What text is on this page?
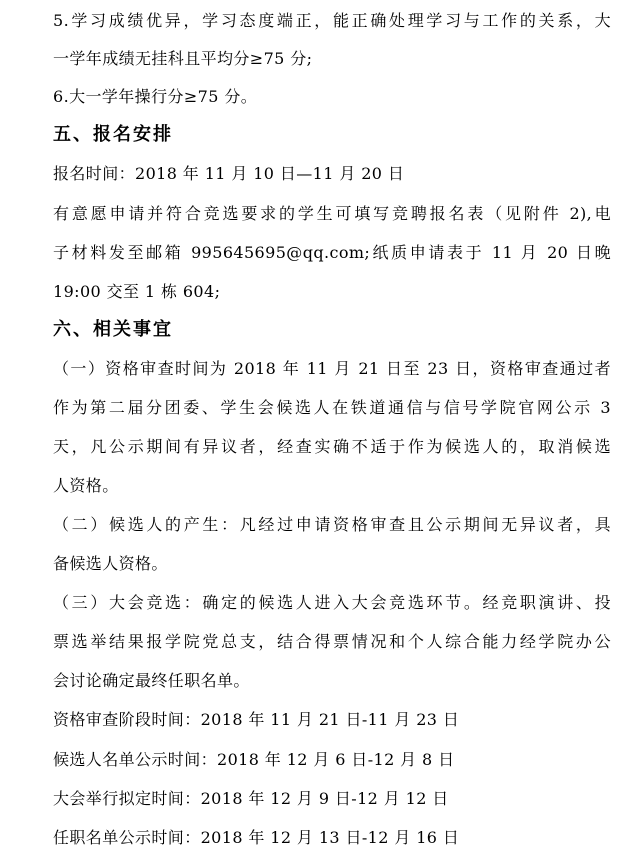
5.学习成绩优异，学习态度端正，能正确处理学习与工作的关系，大
一学年成绩无挂科且平均分≥75 分;
6.大一学年操行分≥75 分。
五、报名安排
报名时间：2018 年 11 月 10 日—11 月 20 日
有意愿申请并符合竞选要求的学生可填写竞聘报名表（见附件 2),电
子材料发至邮箱 995645695@qq.com;纸质申请表于 11 月 20 日晚
19:00 交至 1 栋 604;
六、相关事宜
（一）资格审查时间为 2018 年 11 月 21 日至 23 日，资格审查通过者
作为第二届分团委、学生会候选人在铁道通信与信号学院官网公示 3
天，凡公示期间有异议者，经查实确不适于作为候选人的，取消候选
人资格。
（二）候选人的产生：凡经过申请资格审查且公示期间无异议者，具
备候选人资格。
（三）大会竞选：确定的候选人进入大会竞选环节。经竞职演讲、投
票选举结果报学院党总支，结合得票情况和个人综合能力经学院办公
会讨论确定最终任职名单。
资格审查阶段时间：2018 年 11 月 21 日-11 月 23 日
候选人名单公示时间：2018 年 12 月 6 日-12 月 8 日
大会举行拟定时间：2018 年 12 月 9 日-12 月 12 日
任职名单公示时间：2018 年 12 月 13 日-12 月 16 日
